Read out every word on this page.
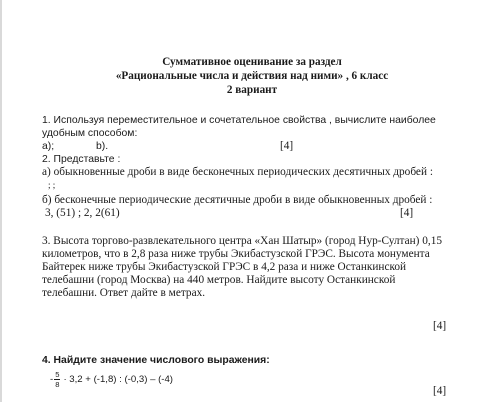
Суммативное оценивание за раздел
«Рациональные числа и действия над ними» , 6 класс
2 вариант
1. Используя переместительное и сочетательное свойства , вычислите наиболее
удобным способом:
а);	b).	[4]
2. Представьте :
а) обыкновенные дроби в виде бесконечных периодических десятичных дробей :
; ;
б) бесконечные периодические десятичные дроби в виде обыкновенных дробей :
3, (51) ; 2, 2(61)	[4]
3. Высота торгово-развлекательного центра «Хан Шатыр» (город Нур-Султан) 0,15
километров, что в 2,8 раза ниже трубы Экибастузской ГРЭС. Высота монумента
Байтерек ниже трубы Экибастузской ГРЭС в 4,2 раза и ниже Останкинской
телебашни (город Москва) на 440 метров. Найдите высоту Останкинской
телебашни. Ответ дайте в метрах.
[4]
4. Найдите значение числового выражения:
- $\frac{5}{8} \cdot 3,2 + (-1,8)$ : (-0,3) – (-4)
[4]
